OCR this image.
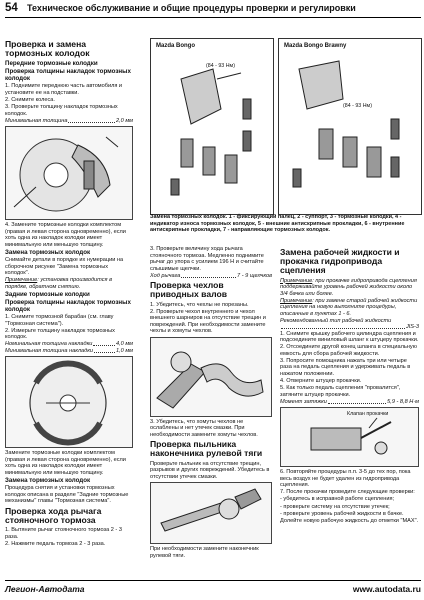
54 Техническое обслуживание и общие процедуры проверки и регулировки
Проверка и замена тормозных колодок
Передние тормозные колодки
Проверка толщины накладок тормозных колодок
1. Поднимите переднюю часть автомобиля и установите ее на подставки.
2. Снимите колеса.
3. Проверьте толщину накладок тормозных колодок.
Минимальная толщина	2,0 мм
4. Замените тормозные колодки комплектом (правая и левая сторона одновременно), если хоть одна из накладок колодки имеет минимальную или меньшую толщину.
Замена тормозных колодок
Снимайте детали в порядке их нумерации на сборочном рисунке "Замена тормозных колодок".
Примечание: установка производится в порядке, обратном снятию.
Задние тормозные колодки
Проверка толщины накладок тормозных колодок
1. Снимите тормозной барабан (см. главу "Тормозная система").
2. Измерьте толщину накладок тормозных колодок.
Номинальная толщина накладки	4,0 мм
Минимальная толщина накладки	1,0 мм
Замените тормозные колодки комплектом (правая и левая сторона одновременно), если хоть одна из накладок колодки имеет минимальную или меньшую толщину.
Замена тормозных колодок
Процедура снятия и установки тормозных колодок описана в разделе "Задние тормозные механизмы" главы "Тормозная система".
Проверка хода рычага стояночного тормоза
1. Вытяните рычаг стояночного тормоза 2 - 3 раза.
2. Нажмите педаль тормоза 2 - 3 раза.
Mazda Bongo
(84 - 93 Нм)
Mazda Bongo Brawny
(84 - 93 Нм)
Замена тормозных колодок. 1 - фиксирующий палец, 2 - суппорт, 3 - тормозные колодки, 4 - индикатор износа тормозных колодок, 5 - внешние антискрипные прокладки, 6 - внутренние антискрипные прокладки, 7 - направляющие тормозных колодок.
3. Проверьте величину хода рычага стояночного тормоза. Медленно поднимите рычаг до упора с усилием 196 Н и считайте слышимые щелчки.
Ход рычага	7 - 9 щелчков
Проверка чехлов приводных валов
1. Убедитесь, что чехлы не порезаны.
2. Проверьте чехол внутреннего и чехол внешнего шарниров на отсутствие трещин и повреждений. При необходимости замените чехлы и хомуты чехлов.
3. Убедитесь, что хомуты чехлов не ослаблены и нет утечек смазки. При необходимости замените хомуты чехлов.
Проверка пыльника наконечника рулевой тяги
Проверьте пыльник на отсутствие трещин, разрывов и других повреждений. Убедитесь в отсутствии утечек смазки.
При необходимости замените наконечник рулевой тяги.
Замена рабочей жидкости и прокачка гидропривода сцепления
Примечание: при прокачке гидропривода сцепления поддерживайте уровень рабочей жидкости около 3/4 бачка или более.
Примечание: при замене старой рабочей жидкости сцепления на новую выполните процедуры, описанные в пунктах 1 - 6.
Рекомендованный тип рабочей жидкости
JIS-3
1. Снимите крышку рабочего цилиндра сцепления и подсоедините виниловый шланг к штуцеру прокачки.
2. Отсоедините другой конец шланга в специальную емкость для сбора рабочей жидкости.
3. Попросите помощника нажать три или четыре раза на педаль сцепления и удерживать педаль в нажатом положении.
4. Отверните штуцер прокачки.
5. Как только педаль сцепления "провалится", затяните штуцер прокачки.
Момент затяжки	5,9 - 8,8 Н·м
Клапан прокачки
6. Повторяйте процедуры п.п. 3-5 до тех пор, пока весь воздух не будет удален из гидропривода сцепления.
7. После прокачки проведите следующие проверки:
- убедитесь в исправной работе сцепления;
- проверьте систему на отсутствие утечек;
- проверьте уровень рабочей жидкости в бачке.
Долейте новую рабочую жидкость до отметки "MAX".
Легион-Автодата	www.autodata.ru
